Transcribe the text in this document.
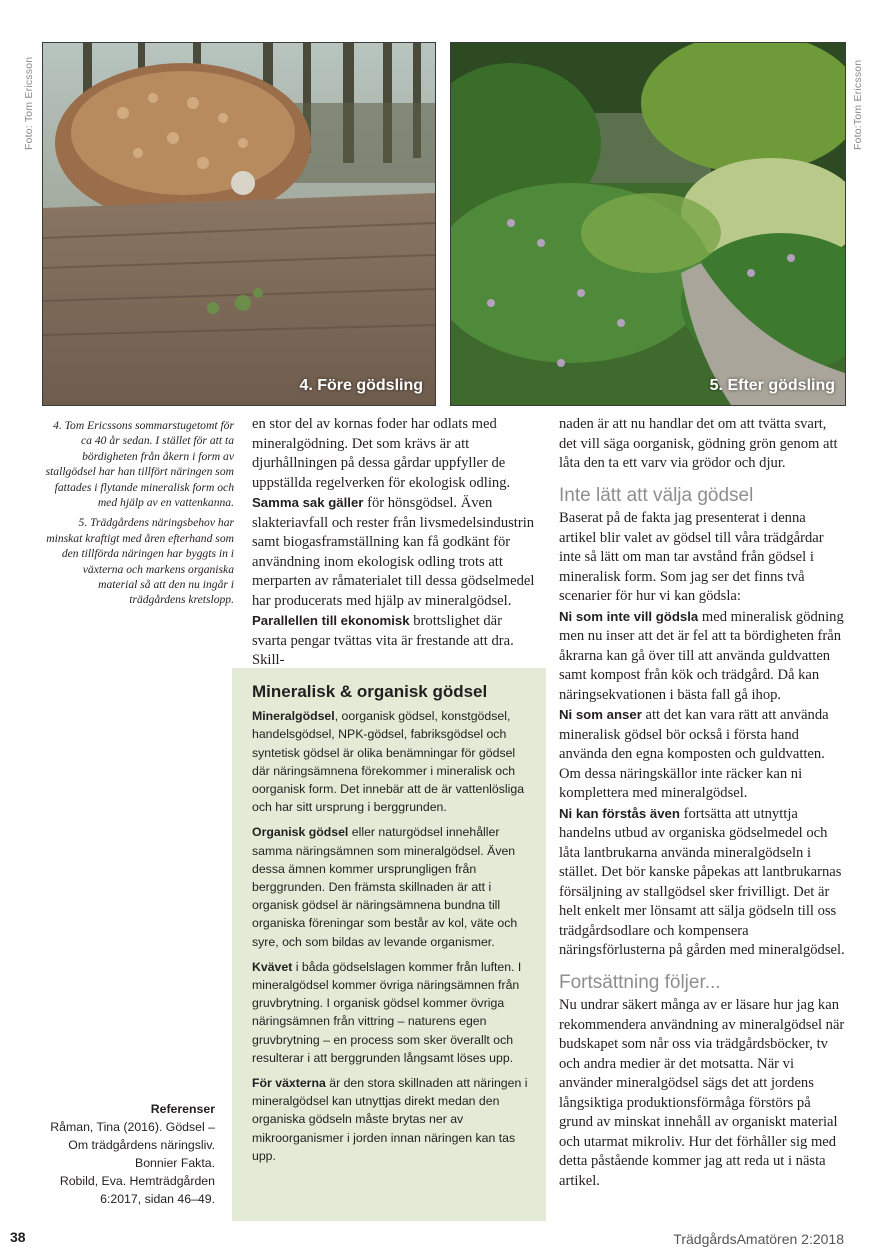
Foto: Tom Ericsson	Foto:Tom Ericsson
4. Före gödsling	5. Efter gödsling

4. Tom Ericssons sommarstugetomt för ca 40 år sedan. I stället för att ta bördigheten från åkern i form av stallgödsel har han tillfört näringen som fattades i flytande mineralisk form och med hjälp av en vattenkanna.

5. Trädgårdens näringsbehov har minskat kraftigt med åren efterhand som den tillförda näringen har byggts in i växterna och markens organiska material så att den nu ingår i trädgårdens kretslopp.

en stor del av kornas foder har odlats med mineralgödning. Det som krävs är att djurhållningen på dessa gårdar uppfyller de uppställda regelverken för ekologisk odling.

Samma sak gäller för hönsgödsel. Även slakteriavfall och rester från livsmedelsindustrin samt biogasframställning kan få godkänt för användning inom ekologisk odling trots att merparten av råmaterialet till dessa gödselmedel har producerats med hjälp av mineralgödsel.

Parallellen till ekonomisk brottslighet där svarta pengar tvättas vita är frestande att dra. Skill-

Mineralisk & organisk gödsel

Mineralgödsel, oorganisk gödsel, konstgödsel, handelsgödsel, NPK-gödsel, fabriksgödsel och syntetisk gödsel är olika benämningar för gödsel där näringsämnena förekommer i mineralisk och oorganisk form. Det innebär att de är vattenlösliga och har sitt ursprung i berggrunden.

Organisk gödsel eller naturgödsel innehåller samma näringsämnen som mineralgödsel. Även dessa ämnen kommer ursprungligen från berggrunden. Den främsta skillnaden är att i organisk gödsel är näringsämnena bundna till organiska föreningar som består av kol, väte och syre, och som bildas av levande organismer.

Kvävet i båda gödselslagen kommer från luften. I mineralgödsel kommer övriga näringsämnen från gruvbrytning. I organisk gödsel kommer övriga näringsämnen från vittring – naturens egen gruvbrytning – en process som sker överallt och resulterar i att berggrunden långsamt löses upp.

För växterna är den stora skillnaden att näringen i mineralgödsel kan utnyttjas direkt medan den organiska gödseln måste brytas ner av mikroorganismer i jorden innan näringen kan tas upp.

Referenser

Råman, Tina (2016). Gödsel – Om trädgårdens näringsliv. Bonnier Fakta.

Robild, Eva. Hemträdgården 6:2017, sidan 46–49.

naden är att nu handlar det om att tvätta svart, det vill säga oorganisk, gödning grön genom att låta den ta ett varv via grödor och djur.

Inte lätt att välja gödsel

Baserat på de fakta jag presenterat i denna artikel blir valet av gödsel till våra trädgårdar inte så lätt om man tar avstånd från gödsel i mineralisk form. Som jag ser det finns två scenarier för hur vi kan gödsla:

Ni som inte vill gödsla med mineralisk gödning men nu inser att det är fel att ta bördigheten från åkrarna kan gå över till att använda guldvatten samt kompost från kök och trädgård. Då kan näringsekvationen i bästa fall gå ihop.

Ni som anser att det kan vara rätt att använda mineralisk gödsel bör också i första hand använda den egna komposten och guldvatten. Om dessa näringskällor inte räcker kan ni komplettera med mineralgödsel.

Ni kan förstås även fortsätta att utnyttja handelns utbud av organiska gödselmedel och låta lantbrukarna använda mineralgödseln i stället. Det bör kanske påpekas att lantbrukarnas försäljning av stallgödsel sker frivilligt. Det är helt enkelt mer lönsamt att sälja gödseln till oss trädgårdsodlare och kompensera näringsförlusterna på gården med mineralgödsel.

Fortsättning följer...

Nu undrar säkert många av er läsare hur jag kan rekommendera användning av mineralgödsel när budskapet som når oss via trädgårdsböcker, tv och andra medier är det motsatta. När vi använder mineralgödsel sägs det att jordens långsiktiga produktionsförmåga förstörs på grund av minskat innehåll av organiskt material och utarmat mikroliv. Hur det förhåller sig med detta påstående kommer jag att reda ut i nästa artikel.

38	TrädgårdsAmatören 2:2018
